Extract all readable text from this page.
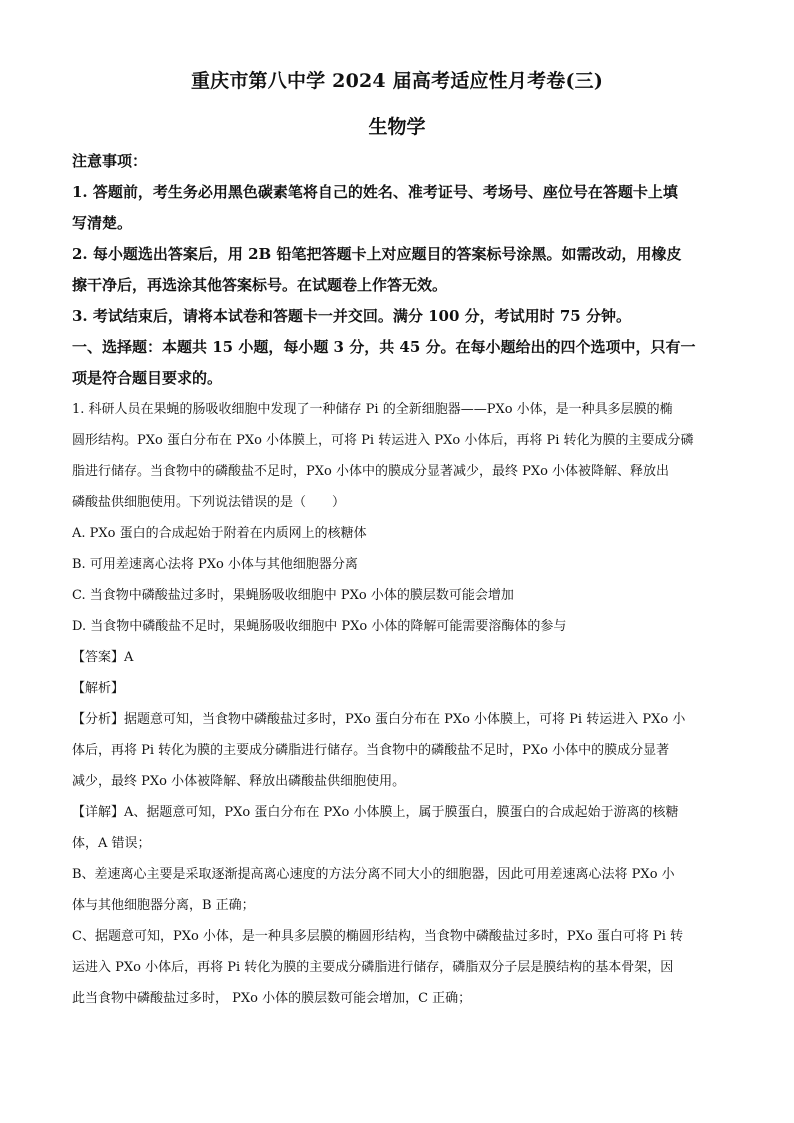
重庆市第八中学 2024 届高考适应性月考卷(三)
生物学
注意事项：
1. 答题前，考生务必用黑色碳素笔将自己的姓名、准考证号、考场号、座位号在答题卡上填
写清楚。
2. 每小题选出答案后，用 2B 铅笔把答题卡上对应题目的答案标号涂黑。如需改动，用橡皮
擦干净后，再选涂其他答案标号。在试题卷上作答无效。
3. 考试结束后，请将本试卷和答题卡一并交回。满分 100 分，考试用时 75 分钟。
一、选择题：本题共 15 小题，每小题 3 分，共 45 分。在每小题给出的四个选项中，只有一
项是符合题目要求的。
1. 科研人员在果蝇的肠吸收细胞中发现了一种储存 Pi 的全新细胞器——PXo 小体，是一种具多层膜的椭
圆形结构。PXo 蛋白分布在 PXo 小体膜上，可将 Pi 转运进入 PXo 小体后，再将 Pi 转化为膜的主要成分磷
脂进行储存。当食物中的磷酸盐不足时，PXo 小体中的膜成分显著减少，最终 PXo 小体被降解、释放出
磷酸盐供细胞使用。下列说法错误的是（　　）
A. PXo 蛋白的合成起始于附着在内质网上的核糖体
B. 可用差速离心法将 PXo 小体与其他细胞器分离
C. 当食物中磷酸盐过多时，果蝇肠吸收细胞中 PXo 小体的膜层数可能会增加
D. 当食物中磷酸盐不足时，果蝇肠吸收细胞中 PXo 小体的降解可能需要溶酶体的参与
【答案】A
【解析】
【分析】据题意可知，当食物中磷酸盐过多时，PXo 蛋白分布在 PXo 小体膜上，可将 Pi 转运进入 PXo 小
体后，再将 Pi 转化为膜的主要成分磷脂进行储存。当食物中的磷酸盐不足时，PXo 小体中的膜成分显著
减少，最终 PXo 小体被降解、释放出磷酸盐供细胞使用。
【详解】A、据题意可知，PXo 蛋白分布在 PXo 小体膜上，属于膜蛋白，膜蛋白的合成起始于游离的核糖
体，A 错误；
B、差速离心主要是采取逐渐提高离心速度的方法分离不同大小的细胞器，因此可用差速离心法将 PXo 小
体与其他细胞器分离，B 正确；
C、据题意可知，PXo 小体，是一种具多层膜的椭圆形结构，当食物中磷酸盐过多时，PXo 蛋白可将 Pi 转
运进入 PXo 小体后，再将 Pi 转化为膜的主要成分磷脂进行储存，磷脂双分子层是膜结构的基本骨架，因
此当食物中磷酸盐过多时， PXo 小体的膜层数可能会增加，C 正确；
